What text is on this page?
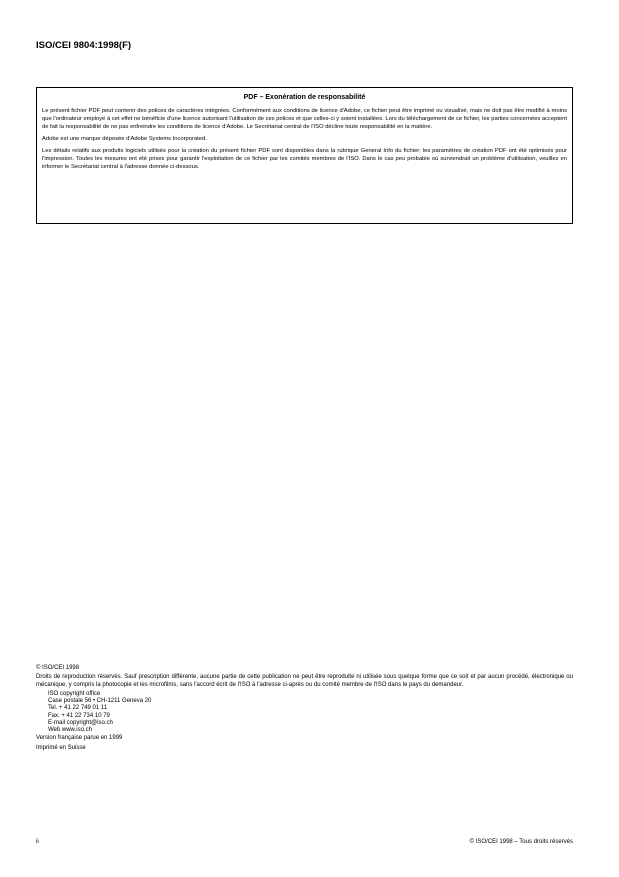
ISO/CEI 9804:1998(F)
PDF – Exonération de responsabilité

Le présent fichier PDF peut contenir des polices de caractères intégrées. Conformément aux conditions de licence d'Adobe, ce fichier peut être imprimé ou visualisé, mais ne doit pas être modifié à moins que l'ordinateur employé à cet effet ne bénéficie d'une licence autorisant l'utilisation de ces polices et que celles-ci y soient installées. Lors du téléchargement de ce fichier, les parties concernées acceptent de fait la responsabilité de ne pas enfreindre les conditions de licence d'Adobe. Le Secrétariat central de l'ISO décline toute responsabilité en la matière.

Adobe est une marque déposée d'Adobe Systems Incorporated.

Les détails relatifs aux produits logiciels utilisés pour la création du présent fichier PDF sont disponibles dans la rubrique General Info du fichier; les paramètres de création PDF ont été optimisés pour l'impression. Toutes les mesures ont été prises pour garantir l'exploitation de ce fichier par les comités membres de l'ISO. Dans le cas peu probable où surviendrait un problème d'utilisation, veuillez en informer le Secrétariat central à l'adresse donnée ci-dessous.

© ISO/CEI 1998

Droits de reproduction réservés. Sauf prescription différente, aucune partie de cette publication ne peut être reproduite ni utilisée sous quelque forme que ce soit et par aucun procédé, électronique ou mécanique, y compris la photocopie et les microfilms, sans l'accord écrit de l'ISO à l'adresse ci-après ou du comité membre de l'ISO dans le pays du demandeur.

ISO copyright office

Case postale 56 • CH-1211 Geneva 20

Tel. + 41 22 749 01 11

Fax. + 41 22 734 10 79

E-mail copyright@iso.ch

Web www.iso.ch

Version française parue en 1999

Imprimé en Suisse

ii	© ISO/CEI 1998 – Tous droits réservés
